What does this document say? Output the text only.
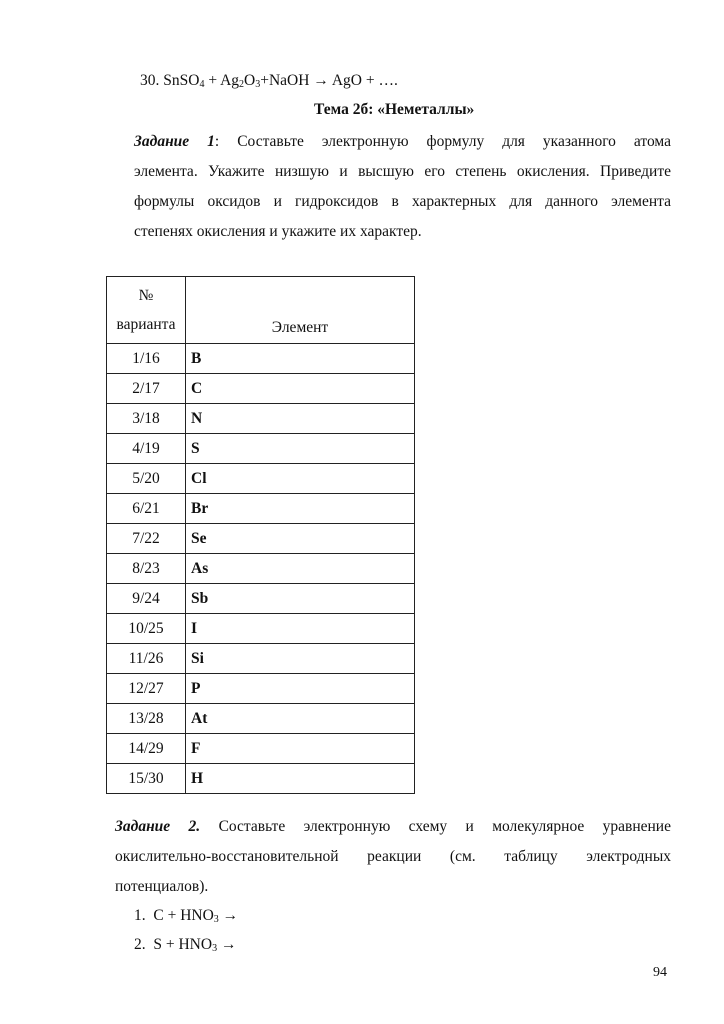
30. SnSO$_4$ + $Ag_2O_3+NaOH$ → AgO + ….
Тема 2б: «Неметаллы»
Задание 1: Составьте электронную формулу для указанного атома
элемента. Укажите низшую и высшую его степень окисления. Приведите
формулы оксидов и гидроксидов в характерных для данного элемента
степенях окисления и укажите их характер.
№
варианта	Элемент
1/16	B
2/17	C
3/18	N
4/19	S
5/20	Cl
6/21	Br
7/22	Se
8/23	As
9/24	Sb
10/25	I
11/26	Si
12/27	P
13/28	At
14/29	F
15/30	H
Задание 2. Составьте электронную схему и молекулярное уравнение
окислительно-восстановительной реакции (см. таблицу электродных
потенциалов).
1. $C + HNO_3$ →
2. $S + HNO_3$ →
94
